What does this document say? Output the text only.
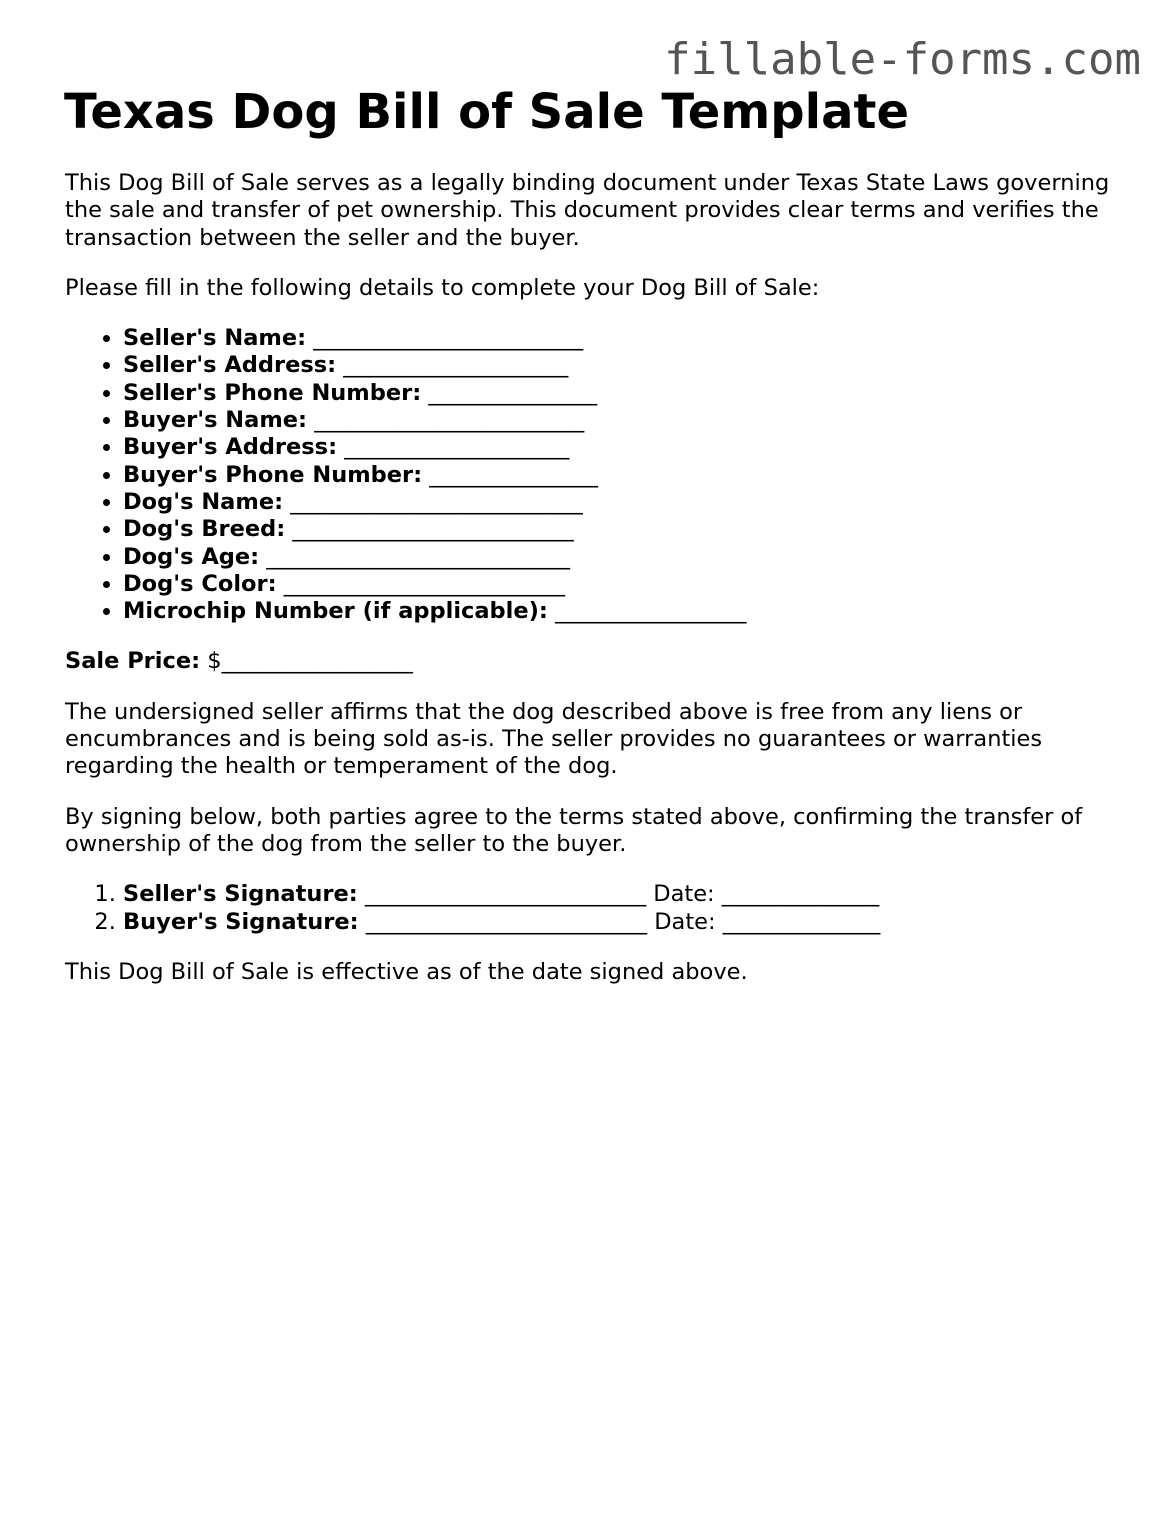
fillable-forms.com
Texas Dog Bill of Sale Template

This Dog Bill of Sale serves as a legally binding document under Texas State Laws governing the sale and transfer of pet ownership. This document provides clear terms and verifies the transaction between the seller and the buyer.

Please fill in the following details to complete your Dog Bill of Sale:

• Seller's Name: ________________________
• Seller's Address: ____________________
• Seller's Phone Number: _______________
• Buyer's Name: ________________________
• Buyer's Address: ____________________
• Buyer's Phone Number: _______________
• Dog's Name: __________________________
• Dog's Breed: _________________________
• Dog's Age: ___________________________
• Dog's Color: _________________________
• Microchip Number (if applicable): _________________

Sale Price: $_________________

The undersigned seller affirms that the dog described above is free from any liens or encumbrances and is being sold as-is. The seller provides no guarantees or warranties regarding the health or temperament of the dog.

By signing below, both parties agree to the terms stated above, confirming the transfer of ownership of the dog from the seller to the buyer.

1. Seller's Signature: _________________________ Date: ______________
2. Buyer's Signature: _________________________ Date: ______________

This Dog Bill of Sale is effective as of the date signed above.
